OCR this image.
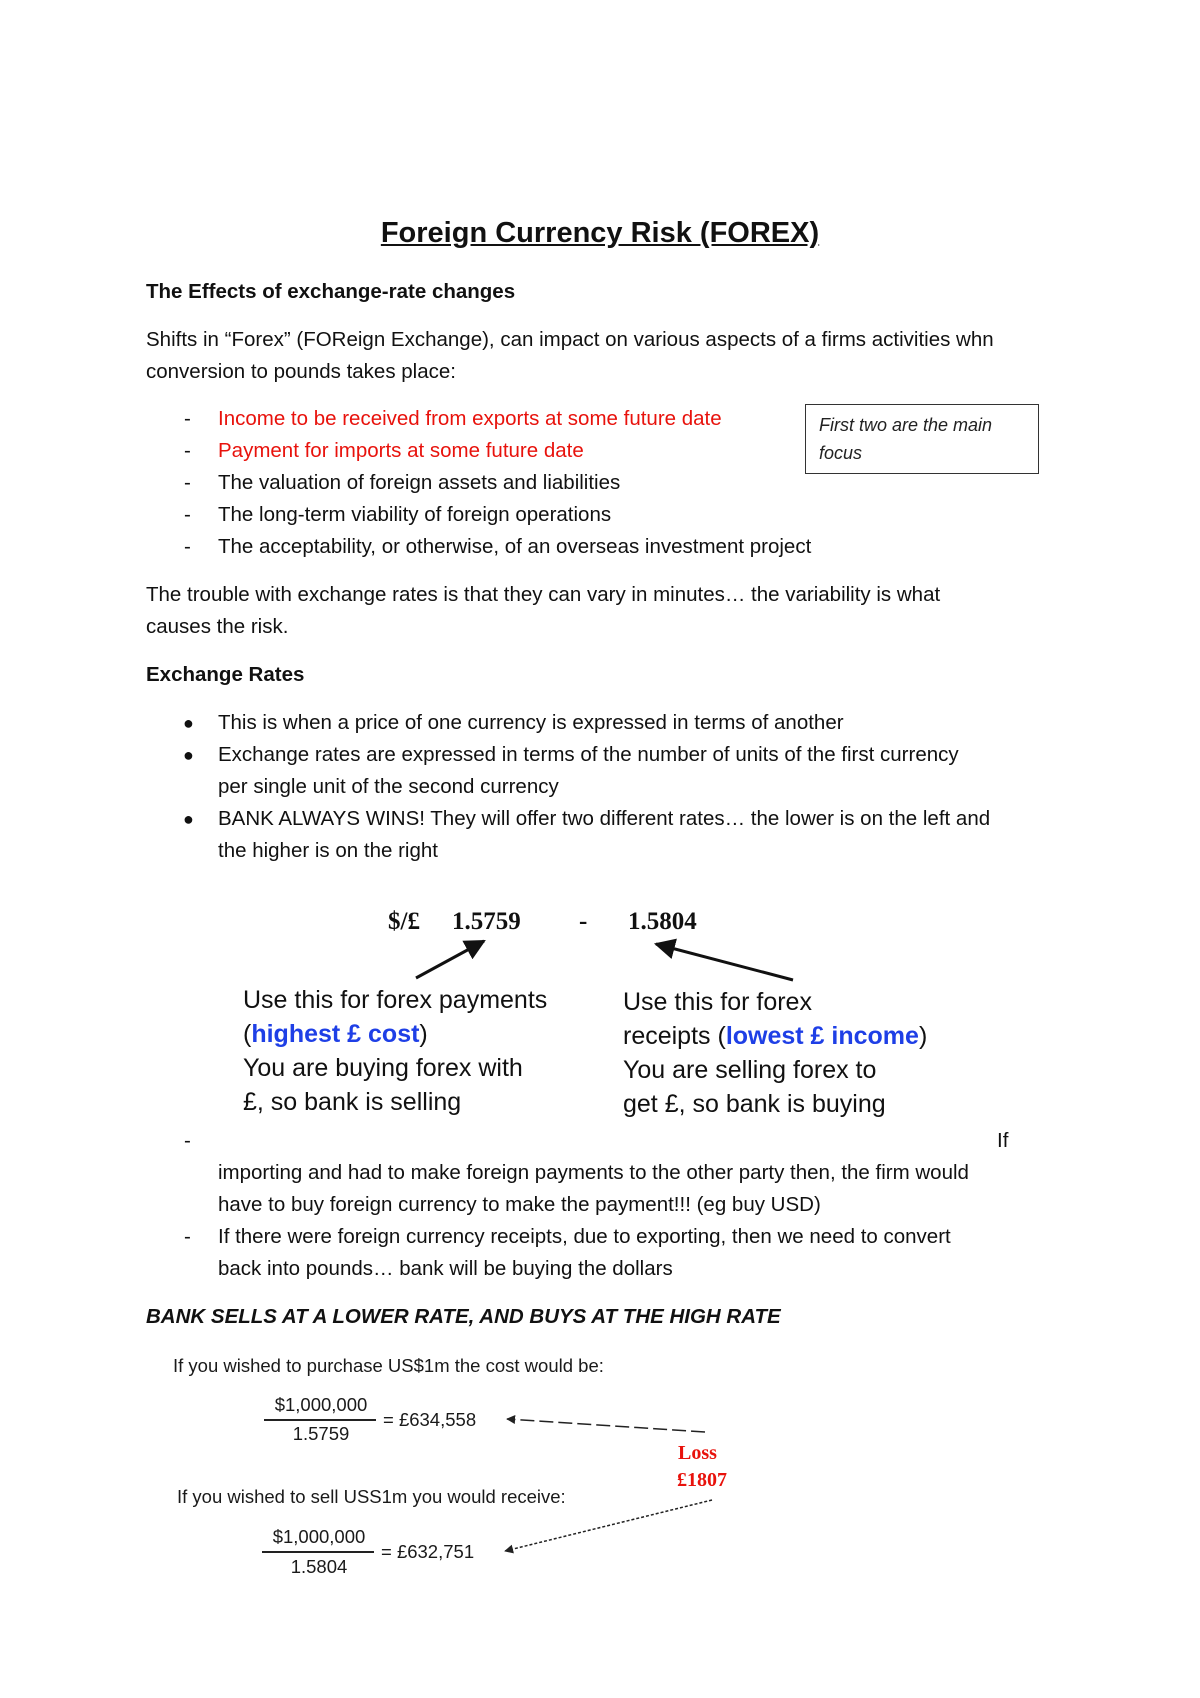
Foreign Currency Risk (FOREX)
The Effects of exchange-rate changes
Shifts in “Forex” (FOReign Exchange), can impact on various aspects of a firms activities whn
conversion to pounds takes place:
- Income to be received from exports at some future date
- Payment for imports at some future date
- The valuation of foreign assets and liabilities
- The long-term viability of foreign operations
- The acceptability, or otherwise, of an overseas investment project
First two are the main
focus
The trouble with exchange rates is that they can vary in minutes… the variability is what
causes the risk.
Exchange Rates
● This is when a price of one currency is expressed in terms of another
● Exchange rates are expressed in terms of the number of units of the first currency
per single unit of the second currency
● BANK ALWAYS WINS! They will offer two different rates… the lower is on the left and
the higher is on the right
$/£ 1.5759 - 1.5804
Use this for forex payments
(highest £ cost)
You are buying forex with
£, so bank is selling
Use this for forex
receipts (lowest £ income)
You are selling forex to
get £, so bank is buying
-	If
importing and had to make foreign payments to the other party then, the firm would
have to buy foreign currency to make the payment!!! (eg buy USD)
- If there were foreign currency receipts, due to exporting, then we need to convert
back into pounds… bank will be buying the dollars
BANK SELLS AT A LOWER RATE, AND BUYS AT THE HIGH RATE
If you wished to purchase US$1m the cost would be:
$1,000,000
1.5759
= £634,558
Loss
£1807
If you wished to sell USS1m you would receive:
$1,000,000
1.5804
= £632,751
